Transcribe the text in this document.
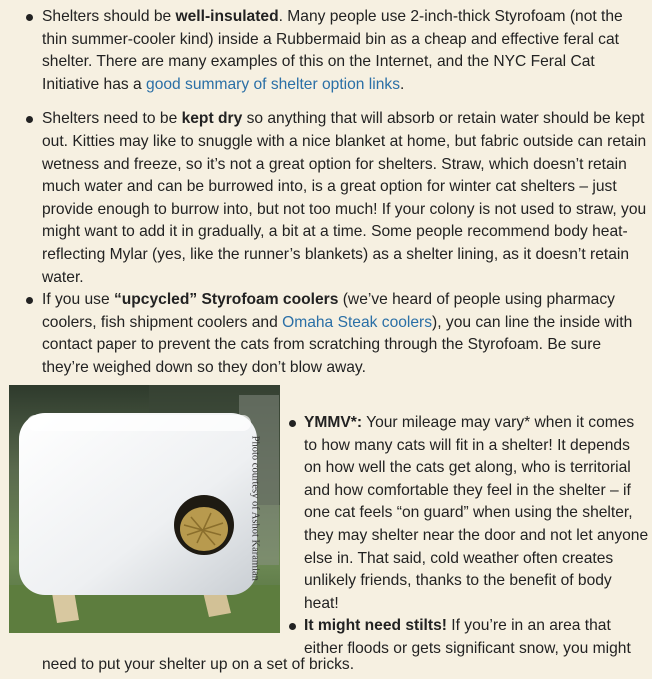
Shelters should be well-insulated. Many people use 2-inch-thick Styrofoam (not the thin summer-cooler kind) inside a Rubbermaid bin as a cheap and effective feral cat shelter. There are many examples of this on the Internet, and the NYC Feral Cat Initiative has a good summary of shelter option links.
Shelters need to be kept dry so anything that will absorb or retain water should be kept out. Kitties may like to snuggle with a nice blanket at home, but fabric outside can retain wetness and freeze, so it’s not a great option for shelters. Straw, which doesn’t retain much water and can be burrowed into, is a great option for winter cat shelters – just provide enough to burrow into, but not too much! If your colony is not used to straw, you might want to add it in gradually, a bit at a time. Some people recommend body heat-reflecting Mylar (yes, like the runner’s blankets) as a shelter lining, as it doesn’t retain water.
If you use “upcycled” Styrofoam coolers (we’ve heard of people using pharmacy coolers, fish shipment coolers and Omaha Steak coolers), you can line the inside with contact paper to prevent the cats from scratching through the Styrofoam. Be sure they’re weighed down so they don’t blow away.
Photo courtesy of Ashot Karamian
YMMV*: Your mileage may vary* when it comes to how many cats will fit in a shelter! It depends on how well the cats get along, who is territorial and how comfortable they feel in the shelter – if one cat feels “on guard” when using the shelter, they may shelter near the door and not let anyone else in. That said, cold weather often creates unlikely friends, thanks to the benefit of body heat!
It might need stilts! If you’re in an area that either floods or gets significant snow, you might
need to put your shelter up on a set of bricks.
